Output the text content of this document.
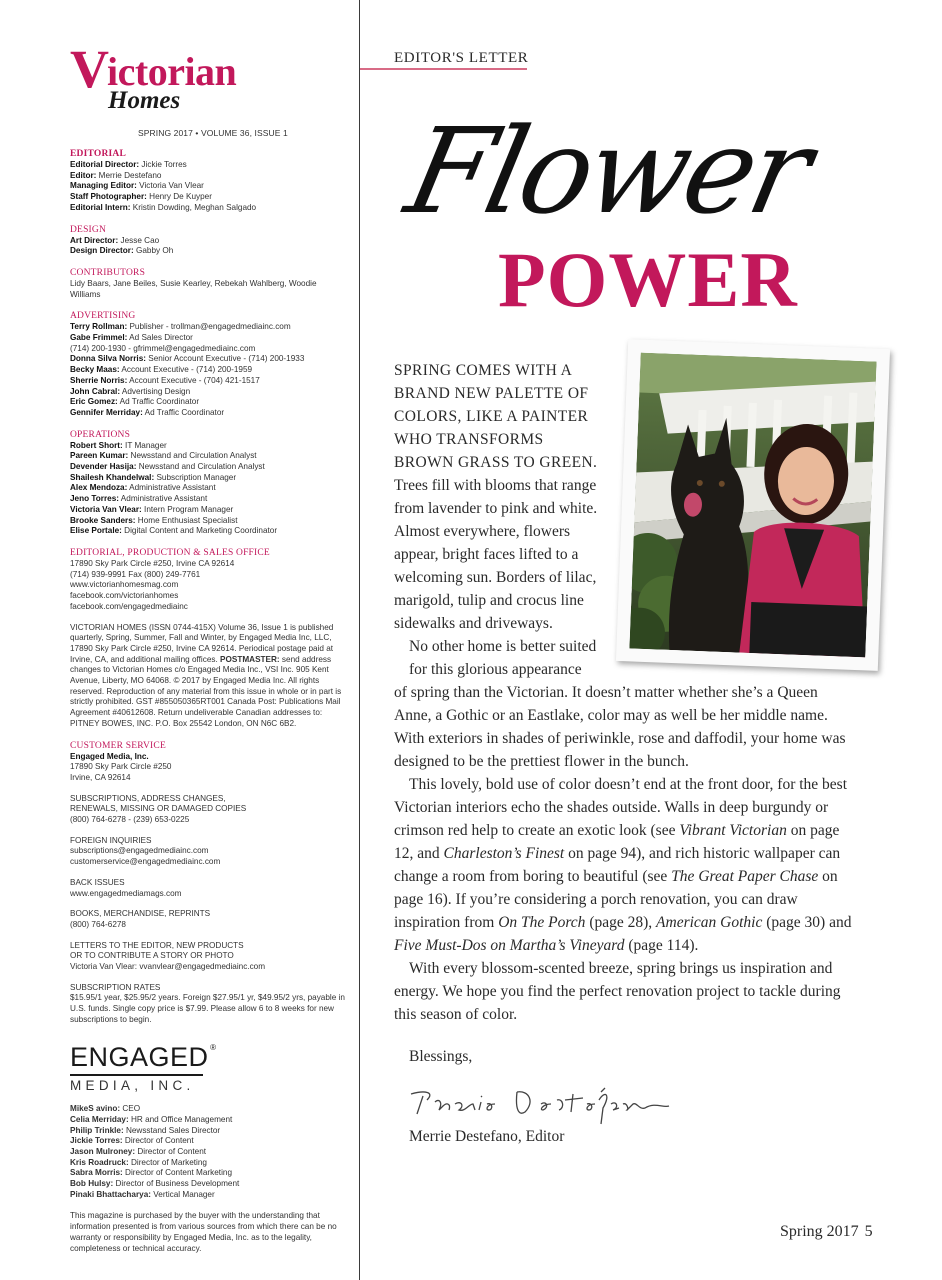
V
ictorian
Homes
SPRING 2017 • VOLUME 36, ISSUE 1
EDITORIAL
Editorial Director: Jickie Torres
Editor: Merrie Destefano
Managing Editor: Victoria Van Vlear
Staff Photographer: Henry De Kuyper
Editorial Intern: Kristin Dowding, Meghan Salgado
DESIGN
Art Director: Jesse Cao
Design Director: Gabby Oh
CONTRIBUTORS
Lidy Baars, Jane Beiles, Susie Kearley, Rebekah Wahlberg, Woodie Williams
ADVERTISING
Terry Rollman: Publisher - trollman@engagedmediainc.com
Gabe Frimmel: Ad Sales Director
(714) 200-1930 - gfrimmel@engagedmediainc.com
Donna Silva Norris: Senior Account Executive - (714) 200-1933
Becky Maas: Account Executive - (714) 200-1959
Sherrie Norris: Account Executive - (704) 421-1517
John Cabral: Advertising Design
Eric Gomez: Ad Traffic Coordinator
Gennifer Merriday: Ad Traffic Coordinator
OPERATIONS
Robert Short: IT Manager
Pareen Kumar: Newsstand and Circulation Analyst
Devender Hasija: Newsstand and Circulation Analyst
Shailesh Khandelwal: Subscription Manager
Alex Mendoza: Administrative Assistant
Jeno Torres: Administrative Assistant
Victoria Van Vlear: Intern Program Manager
Brooke Sanders: Home Enthusiast Specialist
Elise Portale: Digital Content and Marketing Coordinator
EDITORIAL, PRODUCTION & SALES OFFICE
17890 Sky Park Circle #250, Irvine CA 92614
(714) 939-9991 Fax (800) 249-7761
www.victorianhomesmag.com
facebook.com/victorianhomes
facebook.com/engagedmediainc
VICTORIAN HOMES (ISSN 0744-415X) Volume 36, Issue 1 is published quarterly, Spring, Summer, Fall and Winter, by Engaged Media Inc, LLC, 17890 Sky Park Circle #250, Irvine CA 92614. Periodical postage paid at Irvine, CA, and additional mailing offices. POSTMASTER: send address changes to Victorian Homes c/o Engaged Media Inc., VSI Inc. 905 Kent Avenue, Liberty, MO 64068. © 2017 by Engaged Media Inc. All rights reserved. Reproduction of any material from this issue in whole or in part is strictly prohibited. GST #855050365RT001 Canada Post: Publications Mail Agreement #40612608. Return undeliverable Canadian addresses to: PITNEY BOWES, INC. P.O. Box 25542 London, ON N6C 6B2.
CUSTOMER SERVICE
Engaged Media, Inc.
17890 Sky Park Circle #250
Irvine, CA 92614
SUBSCRIPTIONS, ADDRESS CHANGES,
RENEWALS, MISSING OR DAMAGED COPIES
(800) 764-6278 - (239) 653-0225
FOREIGN INQUIRIES
subscriptions@engagedmediainc.com
customerservice@engagedmediainc.com
BACK ISSUES
www.engagedmediamags.com
BOOKS, MERCHANDISE, REPRINTS
(800) 764-6278
LETTERS TO THE EDITOR, NEW PRODUCTS
OR TO CONTRIBUTE A STORY OR PHOTO
Victoria Van Vlear: vvanvlear@engagedmediainc.com
SUBSCRIPTION RATES
$15.95/1 year, $25.95/2 years. Foreign $27.95/1 yr, $49.95/2 yrs, payable in U.S. funds. Single copy price is $7.99. Please allow 6 to 8 weeks for new subscriptions to begin.
ENGAGED ®
MEDIA, INC.
MikeS avino: CEO
Celia Merriday: HR and Office Management
Philip Trinkle: Newsstand Sales Director
Jickie Torres: Director of Content
Jason Mulroney: Director of Content
Kris Roadruck: Director of Marketing
Sabra Morris: Director of Content Marketing
Bob Hulsy: Director of Business Development
Pinaki Bhattacharya: Vertical Manager
This magazine is purchased by the buyer with the understanding that information presented is from various sources from which there can be no warranty or responsibility by Engaged Media, Inc. as to the legality, completeness or technical accuracy.
EDITOR'S LETTER
Flower
POWER
SPRING COMES WITH A
BRAND NEW PALETTE OF
COLORS, LIKE A PAINTER
WHO TRANSFORMS
BROWN GRASS TO GREEN.
Trees fill with blooms that range
from lavender to pink and white.
Almost everywhere, flowers
appear, bright faces lifted to a
welcoming sun. Borders of lilac,
marigold, tulip and crocus line
sidewalks and driveways.
No other home is better suited
for this glorious appearance

of spring than the Victorian. It doesn’t matter whether she’s a Queen Anne, a Gothic or an Eastlake, color may as well be her middle name. With exteriors in shades of periwinkle, rose and daffodil, your home was designed to be the prettiest flower in the bunch.

This lovely, bold use of color doesn’t end at the front door, for the best Victorian interiors echo the shades outside. Walls in deep burgundy or crimson red help to create an exotic look (see Vibrant Victorian on page 12, and Charleston’s Finest on page 94), and rich historic wallpaper can change a room from boring to beautiful (see The Great Paper Chase on page 16). If you’re considering a porch renovation, you can draw inspiration from On The Porch (page 28), American Gothic (page 30) and Five Must-Dos on Martha’s Vineyard (page 114).

With every blossom-scented breeze, spring brings us inspiration and energy. We hope you find the perfect renovation project to tackle during this season of color.

Blessings,
Merrie Destefano
Merrie Destefano, Editor
Spring 2017 5
